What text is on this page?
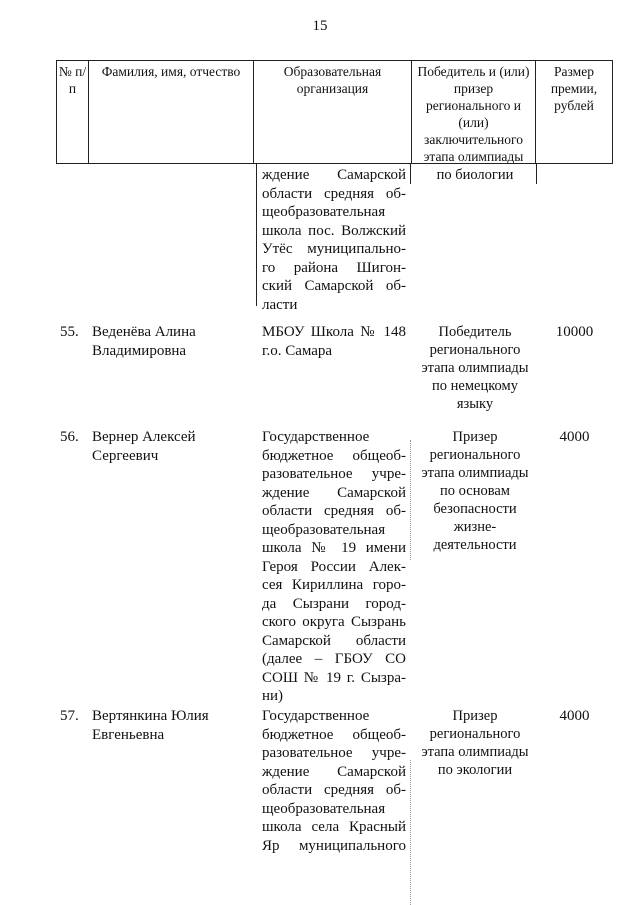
15
№ п/п
Фамилия, имя, отчество	Образовательная организация
Победитель и (или) призер регионального и (или) заключительного этапа олимпиады
Размер премии, рублей
ждение Самарской
области средняя об-
щеобразовательная
школа пос. Волжский
Утёс муниципально-
го района Шигон-
ский Самарской об-
ласти
по биологии
55. Веденёва Алина Владимировна
МБОУ Школа № 148
г.о. Самара
Победитель регионального этапа олимпиады по немецкому языку
10000
56. Вернер Алексей Сергеевич
Государственное
бюджетное общеоб-
разовательное учре-
ждение Самарской
области средняя об-
щеобразовательная
школа № 19 имени
Героя России Алек-
сея Кириллина горо-
да Сызрани город-
ского округа Сызрань
Самарской области
(далее – ГБОУ СО
СОШ № 19 г. Сызра-
ни)
Призер регионального этапа олимпиады по основам безопасности жизне-деятельности
4000
57. Вертянкина Юлия Евгеньевна
Государственное
бюджетное общеоб-
разовательное учре-
ждение Самарской
области средняя об-
щеобразовательная
школа села Красный
Яр муниципального
Призер регионального этапа олимпиады по экологии
4000
